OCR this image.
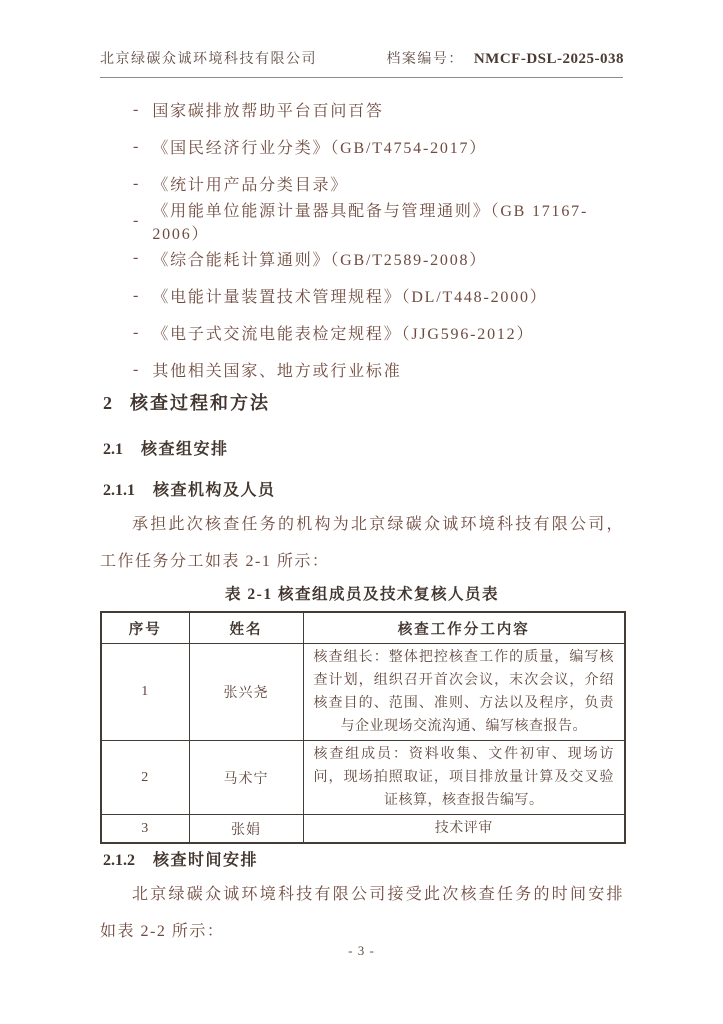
北京绿碳众诚环境科技有限公司	档案编号： NMCF-DSL-2025-038
- 国家碳排放帮助平台百问百答
- 《国民经济行业分类》（GB/T4754-2017）
- 《统计用产品分类目录》
-
《用能单位能源计量器具配备与管理通则》（GB 17167-2006）
- 《综合能耗计算通则》（GB/T2589-2008）
- 《电能计量装置技术管理规程》（DL/T448-2000）
- 《电子式交流电能表检定规程》（JJG596-2012）
- 其他相关国家、地方或行业标准
2 核查过程和方法
2.1 核查组安排
2.1.1 核查机构及人员
承担此次核查任务的机构为北京绿碳众诚环境科技有限公司，
工作任务分工如表 2-1 所示：
表 2-1 核查组成员及技术复核人员表
序号	姓名	核查工作分工内容
1	张兴尧	核查组长：整体把控核查工作的质量，编写核查计划，组织召开首次会议，末次会议，介绍核查目的、范围、准则、方法以及程序，负责与企业现场交流沟通、编写核查报告。
2	马术宁	核查组成员：资料收集、文件初审、现场访问，现场拍照取证，项目排放量计算及交叉验证核算，核查报告编写。
3	张娟	技术评审
2.1.2 核查时间安排
北京绿碳众诚环境科技有限公司接受此次核查任务的时间安排
如表 2-2 所示：
- 3 -
